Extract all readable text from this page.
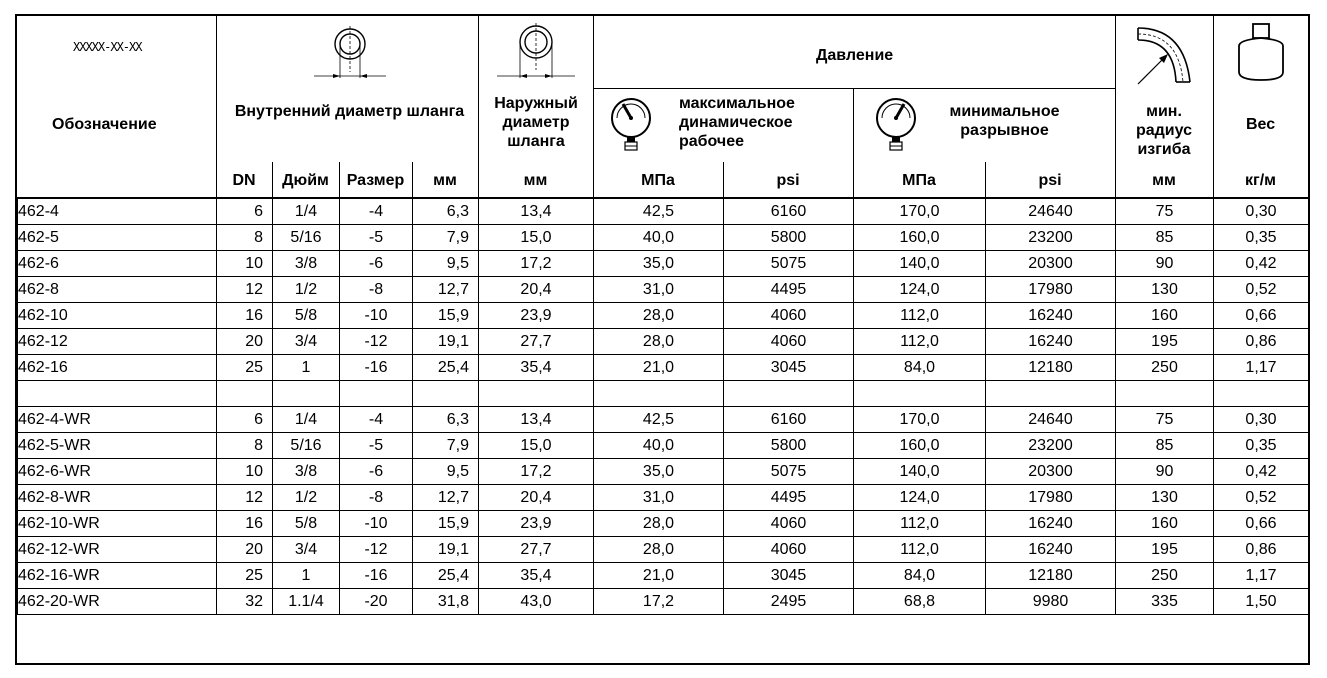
XXXXX-XX-XX
Обозначение
Внутренний диаметр шланга	Наружный диаметр шланга
Давление
максимальное динамическое рабочее
минимальное разрывное
мин. радиус изгиба
Вес
DN	Дюйм	Размер	мм	мм	МПа	psi	МПа	psi	мм	кг/м
462-4	6	1/4	-4	6,3	13,4	42,5	6160	170,0	24640	75	0,30
462-5	8	5/16	-5	7,9	15,0	40,0	5800	160,0	23200	85	0,35
462-6	10	3/8	-6	9,5	17,2	35,0	5075	140,0	20300	90	0,42
462-8	12	1/2	-8	12,7	20,4	31,0	4495	124,0	17980	130	0,52
462-10	16	5/8	-10	15,9	23,9	28,0	4060	112,0	16240	160	0,66
462-12	20	3/4	-12	19,1	27,7	28,0	4060	112,0	16240	195	0,86
462-16	25	1	-16	25,4	35,4	21,0	3045	84,0	12180	250	1,17

462-4-WR	6	1/4	-4	6,3	13,4	42,5	6160	170,0	24640	75	0,30
462-5-WR	8	5/16	-5	7,9	15,0	40,0	5800	160,0	23200	85	0,35
462-6-WR	10	3/8	-6	9,5	17,2	35,0	5075	140,0	20300	90	0,42
462-8-WR	12	1/2	-8	12,7	20,4	31,0	4495	124,0	17980	130	0,52
462-10-WR	16	5/8	-10	15,9	23,9	28,0	4060	112,0	16240	160	0,66
462-12-WR	20	3/4	-12	19,1	27,7	28,0	4060	112,0	16240	195	0,86
462-16-WR	25	1	-16	25,4	35,4	21,0	3045	84,0	12180	250	1,17
462-20-WR	32	1.1/4	-20	31,8	43,0	17,2	2495	68,8	9980	335	1,50
